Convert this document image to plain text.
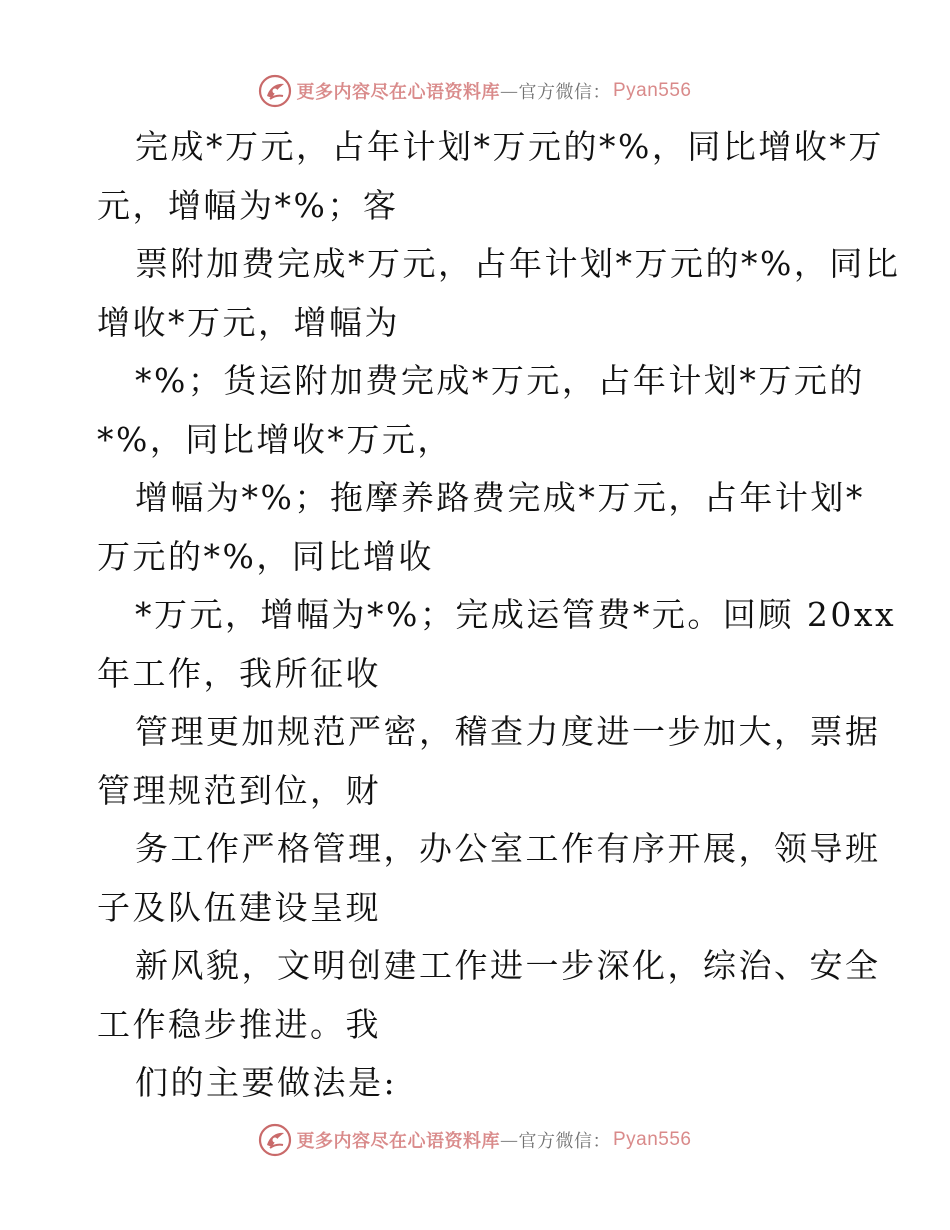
更多内容尽在心语资料库 — 官方微信： Pyan556
完成*万元，占年计划*万元的*%，同比增收*万
元，增幅为*%；客
票附加费完成*万元，占年计划*万元的*%，同比
增收*万元，增幅为
*%；货运附加费完成*万元，占年计划*万元的
*%，同比增收*万元，
增幅为*%；拖摩养路费完成*万元，占年计划*
万元的*%，同比增收
*万元，增幅为*%；完成运管费*元。回顾 20xx
年工作，我所征收
管理更加规范严密，稽查力度进一步加大，票据
管理规范到位，财
务工作严格管理，办公室工作有序开展，领导班
子及队伍建设呈现
新风貌，文明创建工作进一步深化，综治、安全
工作稳步推进。我
们的主要做法是:
更多内容尽在心语资料库 — 官方微信： Pyan556
